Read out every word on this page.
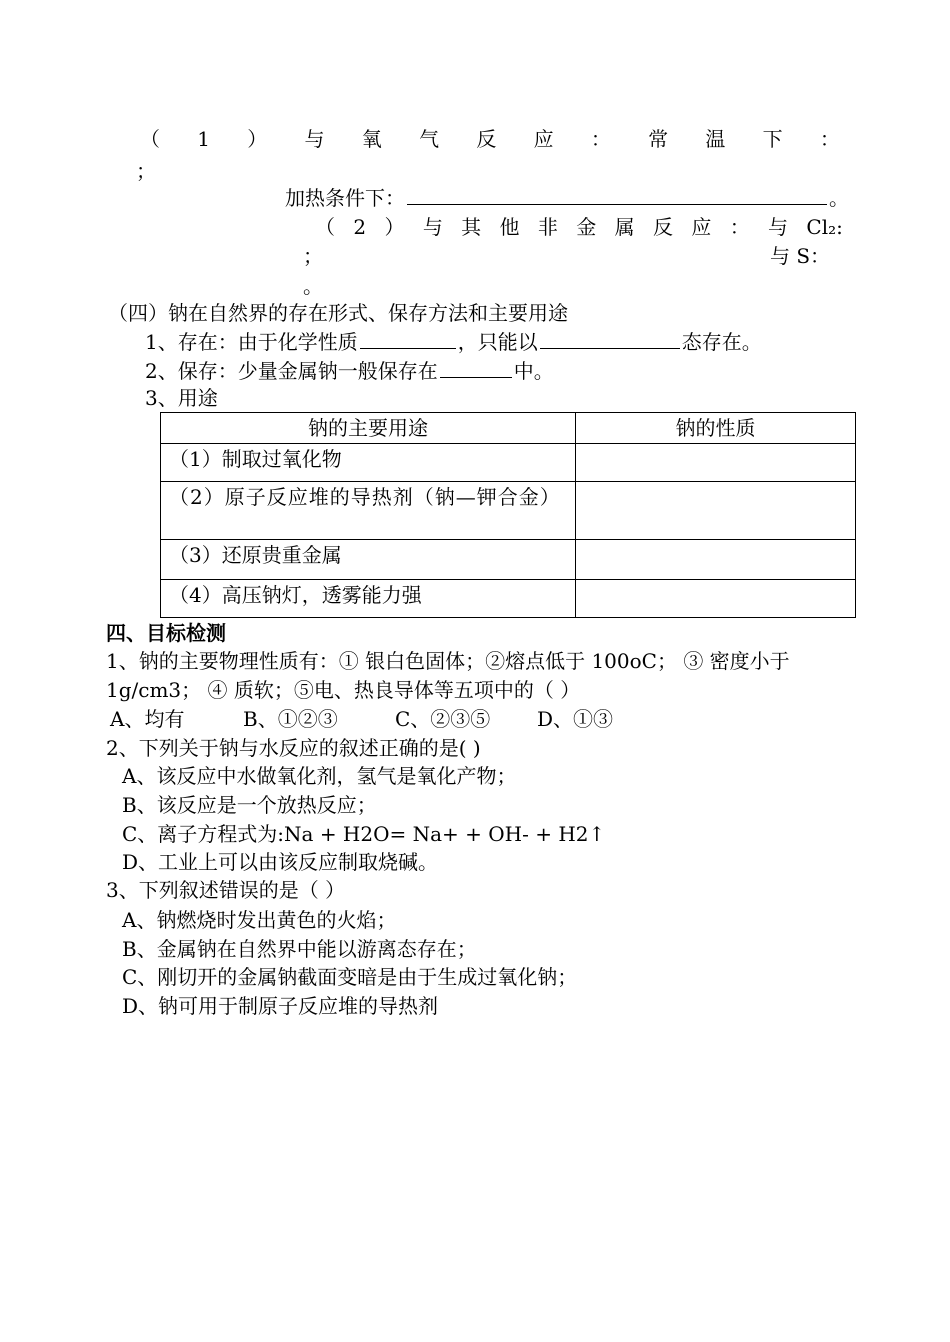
（ 1 ） 与 氧 气 反 应 ： 常 温 下 ：
；
加热条件下：	。
（ 2 ） 与 其 他 非 金 属 反 应 ： 与 Cl₂:
；	与 S：
。
（四）钠在自然界的存在形式、保存方法和主要用途
1、存在：由于化学性质	，只能以	态存在。
2、保存：少量金属钠一般保存在	中。
3、用途
钠的主要用途	钠的性质
（1）制取过氧化物	
（2）原子反应堆的导热剂（钠—钾合金）	
（3）还原贵重金属	
（4）高压钠灯，透雾能力强	
四、目标检测
1、钠的主要物理性质有：① 银白色固体；②熔点低于 100oC； ③ 密度小于
1g/cm3； ④ 质软；⑤电、热良导体等五项中的（ ）
A、均有	B、①②③	C、②③⑤ D、①③
2、下列关于钠与水反应的叙述正确的是( )
A、该反应中水做氧化剂，氢气是氧化产物；
B、该反应是一个放热反应；
C、离子方程式为:Na + H2O= Na+ + OH- + H2↑
D、工业上可以由该反应制取烧碱。
3、下列叙述错误的是（ ）
A、钠燃烧时发出黄色的火焰；
B、金属钠在自然界中能以游离态存在；
C、刚切开的金属钠截面变暗是由于生成过氧化钠；
D、钠可用于制原子反应堆的导热剂
